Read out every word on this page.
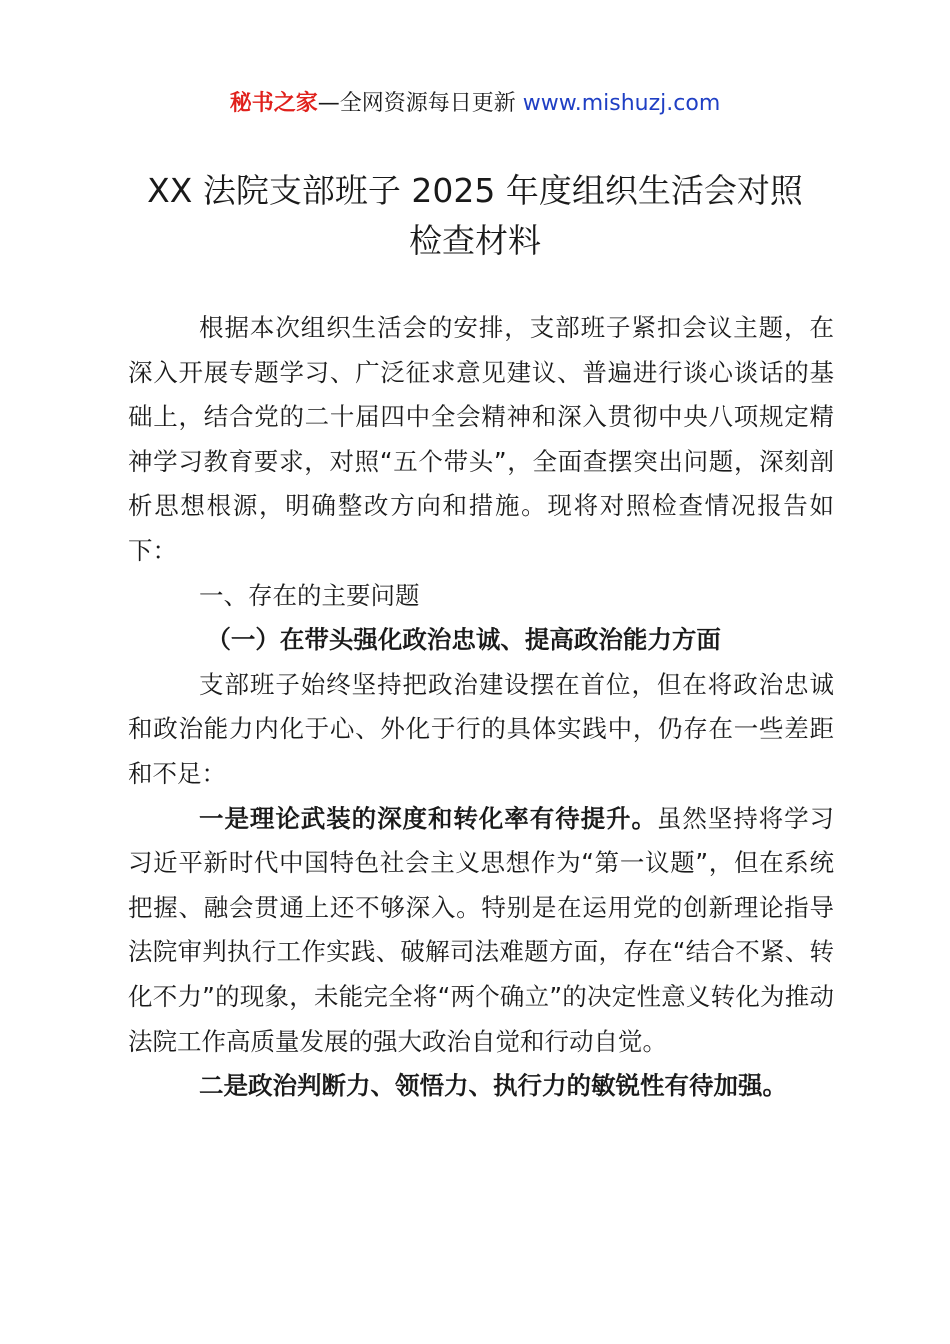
秘书之家—全网资源每日更新 www.mishuzj.com
XX 法院支部班子 2025 年度组织生活会对照
检查材料

根据本次组织生活会的安排，支部班子紧扣会议主题，在深入开展专题学习、广泛征求意见建议、普遍进行谈心谈话的基础上，结合党的二十届四中全会精神和深入贯彻中央八项规定精神学习教育要求，对照“五个带头”，全面查摆突出问题，深刻剖析思想根源，明确整改方向和措施。现将对照检查情况报告如下：

一、存在的主要问题

（一）在带头强化政治忠诚、提高政治能力方面

支部班子始终坚持把政治建设摆在首位，但在将政治忠诚和政治能力内化于心、外化于行的具体实践中，仍存在一些差距和不足：

一是理论武装的深度和转化率有待提升。虽然坚持将学习习近平新时代中国特色社会主义思想作为“第一议题”，但在系统把握、融会贯通上还不够深入。特别是在运用党的创新理论指导法院审判执行工作实践、破解司法难题方面，存在“结合不紧、转化不力”的现象，未能完全将“两个确立”的决定性意义转化为推动法院工作高质量发展的强大政治自觉和行动自觉。

二是政治判断力、领悟力、执行力的敏锐性有待加强。
